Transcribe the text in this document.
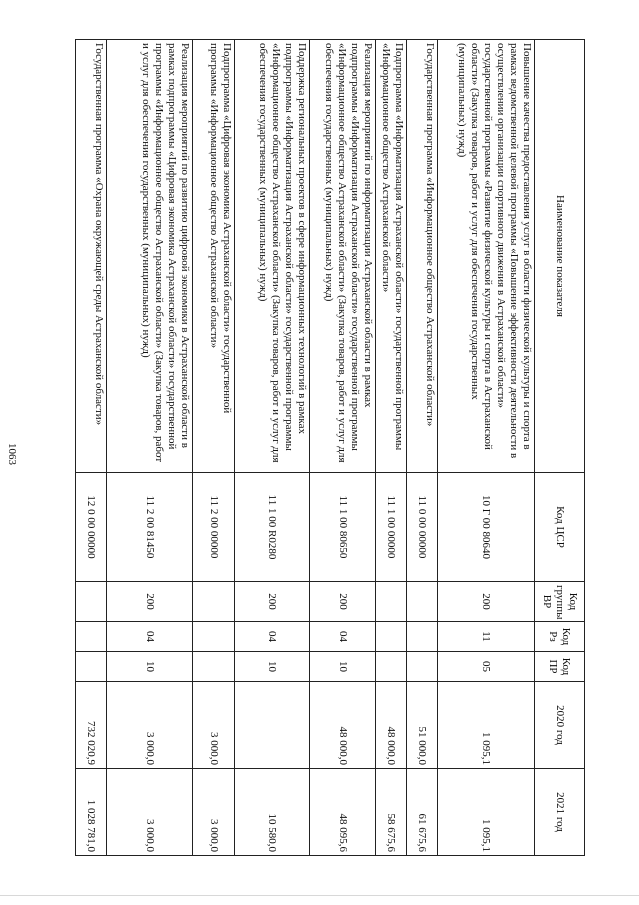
1063
Наименование показателя	Код ЦСР	Код группы ВР	Код Рз	Код ПР	2020 год	2021 год
Повышение качества предоставления услуг в области физической культуры и спорта в рамках ведомственной целевой программы «Повышение эффективности деятельности в осуществлении организации спортивного движения в Астраханской области» государственной программы «Развитие физической культуры и спорта в Астраханской области» (Закупка товаров, работ и услуг для обеспечения государственных (муниципальных) нужд)	10 Г 00 80640	200	11	05	1 095,1	1 095,1
Государственная программа «Информационное общество Астраханской области»	11 0 00 00000				51 000,0	61 675,6
Подпрограмма «Информатизация Астраханской области» государственной программы «Информационное общество Астраханской области»	11 1 00 00000				48 000,0	58 675,6
Реализация мероприятий по информатизации Астраханской области в рамках подпрограммы «Информатизация Астраханской области» государственной программы «Информационное общество Астраханской области» (Закупка товаров, работ и услуг для обеспечения государственных (муниципальных) нужд)	11 1 00 80650	200	04	10	48 000,0	48 095,6
Поддержка региональных проектов в сфере информационных технологий в рамках подпрограммы «Информатизация Астраханской области» государственной программы «Информационное общество Астраханской области» (Закупка товаров, работ и услуг для обеспечения государственных (муниципальных) нужд)	11 1 00 R0280	200	04	10		10 580,0
Подпрограмма «Цифровая экономика Астраханской области» государственной программы «Информационное общество Астраханской области»	11 2 00 00000				3 000,0	3 000,0
Реализация мероприятий по развитию цифровой экономики в Астраханской области в рамках подпрограммы «Цифровая экономика Астраханской области» государственной программы «Информационное общество Астраханской области» (Закупка товаров, работ и услуг для обеспечения государственных (муниципальных) нужд)	11 2 00 81450	200	04	10	3 000,0	3 000,0
Государственная программа «Охрана окружающей среды Астраханской области»	12 0 00 00000				732 020,9	1 028 781,0
